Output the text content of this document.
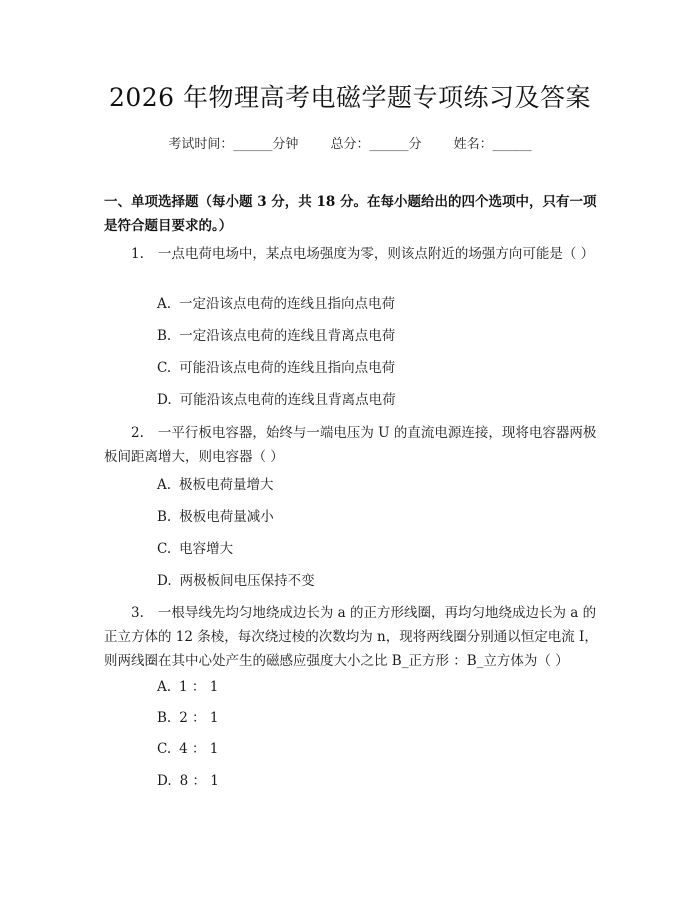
2026 年物理高考电磁学题专项练习及答案
考试时间：______分钟 总分：______分 姓名：______
一、单项选择题（每小题 3 分，共 18 分。在每小题给出的四个选项中，只有一项是符合题目要求的。）
1. 一点电荷电场中，某点电场强度为零，则该点附近的场强方向可能是（ ）
A. 一定沿该点电荷的连线且指向点电荷
B. 一定沿该点电荷的连线且背离点电荷
C. 可能沿该点电荷的连线且指向点电荷
D. 可能沿该点电荷的连线且背离点电荷
2. 一平行板电容器，始终与一端电压为 U 的直流电源连接，现将电容器两极板间距离增大，则电容器（ ）
A. 极板电荷量增大
B. 极板电荷量减小
C. 电容增大
D. 两极板间电压保持不变
3. 一根导线先均匀地绕成边长为 a 的正方形线圈，再均匀地绕成边长为 a 的正立方体的 12 条棱，每次绕过棱的次数均为 n，现将两线圈分别通以恒定电流 I，则两线圈在其中心处产生的磁感应强度大小之比 B_正方形 ：B_立方体为（ ）
A. 1 ： 1
B. 2 ： 1
C. 4 ： 1
D. 8 ： 1
